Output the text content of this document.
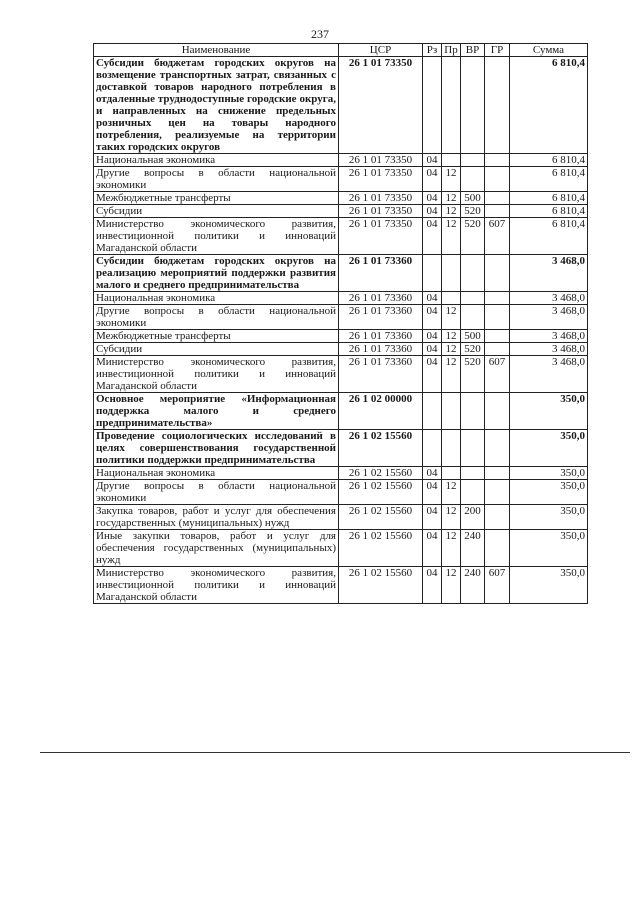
237
Наименование	ЦСР	Рз	Пр	ВР	ГР	Сумма
Субсидии бюджетам городских округов на возмещение транспортных затрат, связанных с доставкой товаров народного потребления в отдаленные труднодоступные городские округа, и направленных на снижение предельных розничных цен на товары народного потребления, реализуемые на территории таких городских округов	26 1 01 73350					6 810,4
Национальная экономика	26 1 01 73350	04				6 810,4
Другие вопросы в области национальной экономики	26 1 01 73350	04	12			6 810,4
Межбюджетные трансферты	26 1 01 73350	04	12	500		6 810,4
Субсидии	26 1 01 73350	04	12	520		6 810,4
Министерство экономического развития, инвестиционной политики и инноваций Магаданской области	26 1 01 73350	04	12	520	607	6 810,4
Субсидии бюджетам городских округов на реализацию мероприятий поддержки развития малого и среднего предпринимательства	26 1 01 73360					3 468,0
Национальная экономика	26 1 01 73360	04				3 468,0
Другие вопросы в области национальной экономики	26 1 01 73360	04	12			3 468,0
Межбюджетные трансферты	26 1 01 73360	04	12	500		3 468,0
Субсидии	26 1 01 73360	04	12	520		3 468,0
Министерство экономического развития, инвестиционной политики и инноваций Магаданской области	26 1 01 73360	04	12	520	607	3 468,0
Основное мероприятие «Информационная поддержка малого и среднего предпринимательства»	26 1 02 00000					350,0
Проведение социологических исследований в целях совершенствования государственной политики поддержки предпринимательства	26 1 02 15560					350,0
Национальная экономика	26 1 02 15560	04				350,0
Другие вопросы в области национальной экономики	26 1 02 15560	04	12			350,0
Закупка товаров, работ и услуг для обеспечения государственных (муниципальных) нужд	26 1 02 15560	04	12	200		350,0
Иные закупки товаров, работ и услуг для обеспечения государственных (муниципальных) нужд	26 1 02 15560	04	12	240		350,0
Министерство экономического развития, инвестиционной политики и инноваций Магаданской области	26 1 02 15560	04	12	240	607	350,0
